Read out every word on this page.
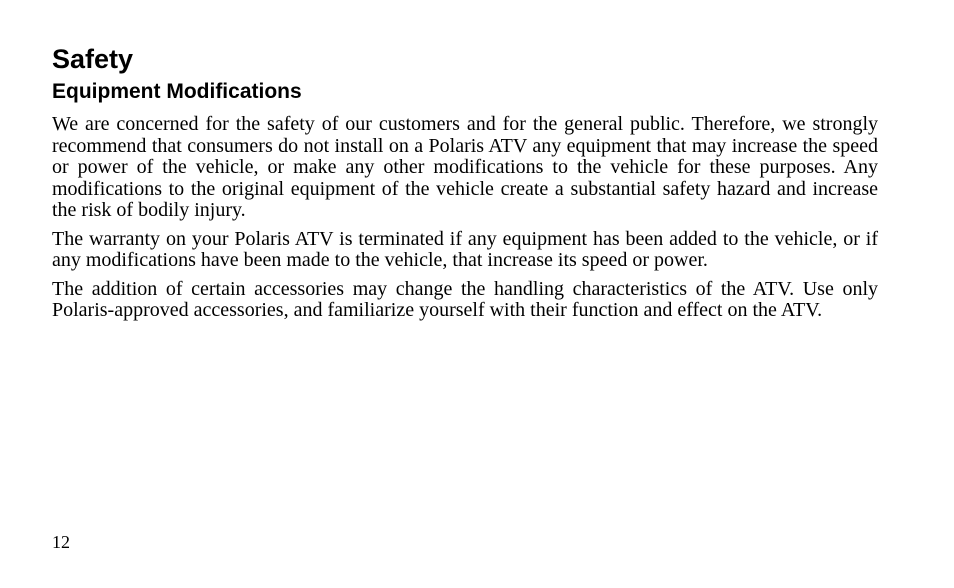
Safety
Equipment Modifications

We are concerned for the safety of our customers and for the general public. Therefore, we strongly recommend that consumers do not install on a Polaris ATV any equipment that may increase the speed or power of the vehicle, or make any other modifications to the vehicle for these purposes. Any modifications to the original equipment of the vehicle create a substantial safety hazard and increase the risk of bodily injury.

The warranty on your Polaris ATV is terminated if any equipment has been added to the vehicle, or if any modifications have been made to the vehicle, that increase its speed or power.

The addition of certain accessories may change the handling characteristics of the ATV. Use only Polaris-approved accessories, and familiarize yourself with their function and effect on the ATV.

12
